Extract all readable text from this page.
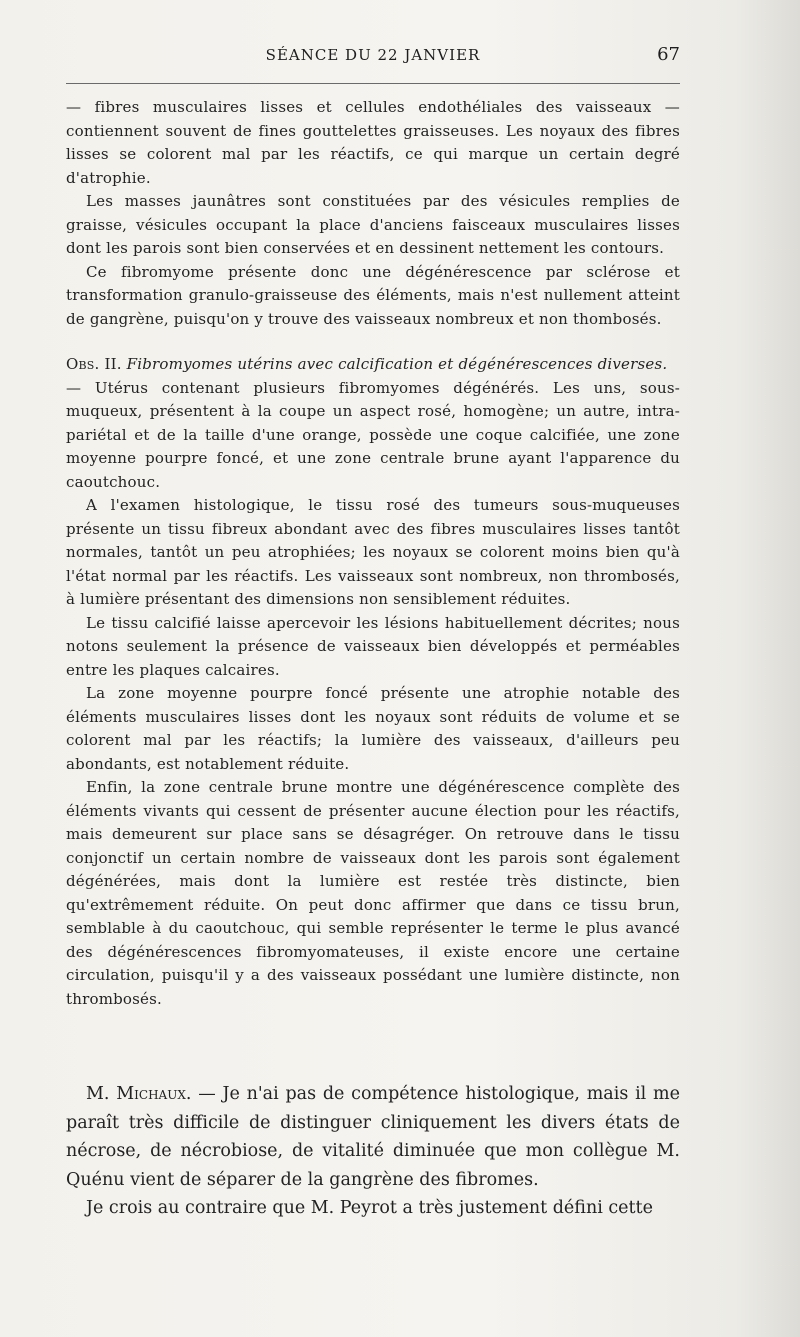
SÉANCE DU 22 JANVIER	67

— fibres musculaires lisses et cellules endothéliales des vaisseaux — contiennent souvent de fines gouttelettes graisseuses. Les noyaux des fibres lisses se colorent mal par les réactifs, ce qui marque un certain degré d'atrophie.

Les masses jaunâtres sont constituées par des vésicules remplies de graisse, vésicules occupant la place d'anciens faisceaux musculaires lisses dont les parois sont bien conservées et en dessinent nettement les contours.

Ce fibromyome présente donc une dégénérescence par sclérose et transformation granulo-graisseuse des éléments, mais n'est nullement atteint de gangrène, puisqu'on y trouve des vaisseaux nombreux et non thombosés.

Obs. II. Fibromyomes utérins avec calcification et dégénérescences diverses.
— Utérus contenant plusieurs fibromyomes dégénérés. Les uns, sous-muqueux, présentent à la coupe un aspect rosé, homogène; un autre, intra-pariétal et de la taille d'une orange, possède une coque calcifiée, une zone moyenne pourpre foncé, et une zone centrale brune ayant l'apparence du caoutchouc.

A l'examen histologique, le tissu rosé des tumeurs sous-muqueuses présente un tissu fibreux abondant avec des fibres musculaires lisses tantôt normales, tantôt un peu atrophiées; les noyaux se colorent moins bien qu'à l'état normal par les réactifs. Les vaisseaux sont nombreux, non thrombosés, à lumière présentant des dimensions non sensiblement réduites.

Le tissu calcifié laisse apercevoir les lésions habituellement décrites; nous notons seulement la présence de vaisseaux bien développés et perméables entre les plaques calcaires.

La zone moyenne pourpre foncé présente une atrophie notable des éléments musculaires lisses dont les noyaux sont réduits de volume et se colorent mal par les réactifs; la lumière des vaisseaux, d'ailleurs peu abondants, est notablement réduite.

Enfin, la zone centrale brune montre une dégénérescence complète des éléments vivants qui cessent de présenter aucune élection pour les réactifs, mais demeurent sur place sans se désagréger. On retrouve dans le tissu conjonctif un certain nombre de vaisseaux dont les parois sont également dégénérées, mais dont la lumière est restée très distincte, bien qu'extrêmement réduite. On peut donc affirmer que dans ce tissu brun, semblable à du caoutchouc, qui semble représenter le terme le plus avancé des dégénérescences fibromyomateuses, il existe encore une certaine circulation, puisqu'il y a des vaisseaux possédant une lumière distincte, non thrombosés.

M. Michaux. — Je n'ai pas de compétence histologique, mais il me paraît très difficile de distinguer cliniquement les divers états de nécrose, de nécrobiose, de vitalité diminuée que mon collègue M. Quénu vient de séparer de la gangrène des fibromes.

Je crois au contraire que M. Peyrot a très justement défini cette
